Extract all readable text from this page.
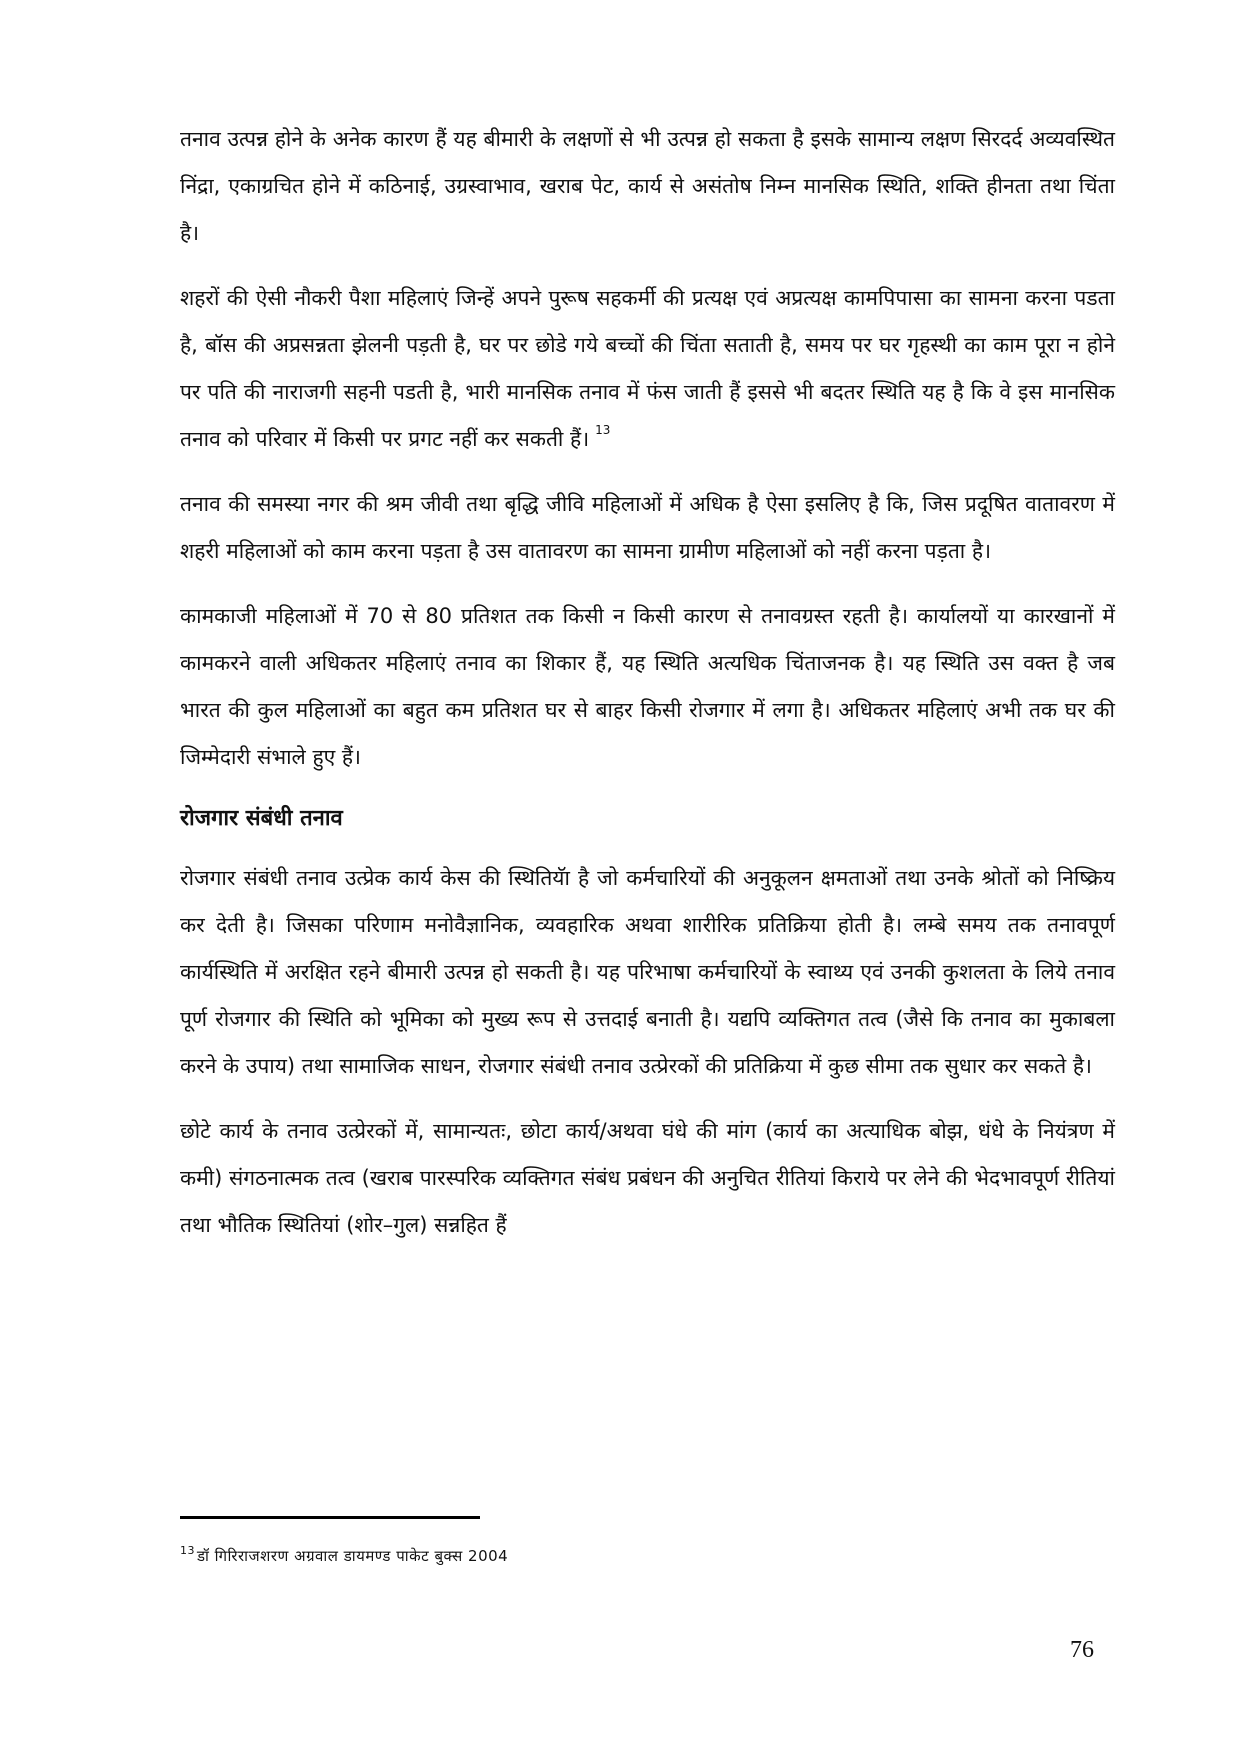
तनाव उत्पन्न होने के अनेक कारण हैं यह बीमारी के लक्षणों से भी उत्पन्न हो सकता है इसके सामान्य लक्षण सिरदर्द अव्यवस्थित निंद्रा, एकाग्रचित होने में कठिनाई, उग्रस्वाभाव, खराब पेट, कार्य से असंतोष निम्न मानसिक स्थिति, शक्ति हीनता तथा चिंता है।

शहरों की ऐसी नौकरी पैशा महिलाएं जिन्हें अपने पुरूष सहकर्मी की प्रत्यक्ष एवं अप्रत्यक्ष कामपिपासा का सामना करना पडता है, बॉस की अप्रसन्नता झेलनी पड़ती है, घर पर छोडे गये बच्चों की चिंता सताती है, समय पर घर गृहस्थी का काम पूरा न होने पर पति की नाराजगी सहनी पडती है, भारी मानसिक तनाव में फंस जाती हैं इससे भी बदतर स्थिति यह है कि वे इस मानसिक तनाव को परिवार में किसी पर प्रगट नहीं कर सकती हैं। $^{13}$

तनाव की समस्या नगर की श्रम जीवी तथा बृद्धि जीवि महिलाओं में अधिक है ऐसा इसलिए है कि, जिस प्रदूषित वातावरण में शहरी महिलाओं को काम करना पड़ता है उस वातावरण का सामना ग्रामीण महिलाओं को नहीं करना पड़ता है।

कामकाजी महिलाओं में 70 से 80 प्रतिशत तक किसी न किसी कारण से तनावग्रस्त रहती है। कार्यालयों या कारखानों में कामकरने वाली अधिकतर महिलाएं तनाव का शिकार हैं, यह स्थिति अत्यधिक चिंताजनक है। यह स्थिति उस वक्त है जब भारत की कुल महिलाओं का बहुत कम प्रतिशत घर से बाहर किसी रोजगार में लगा है। अधिकतर महिलाएं अभी तक घर की जिम्मेदारी संभाले हुए हैं।

रोजगार संबंधी तनाव

रोजगार संबंधी तनाव उत्प्रेक कार्य केस की स्थितियॅा है जो कर्मचारियों की अनुकूलन क्षमताओं तथा उनके श्रोतों को निष्क्रिय कर देती है। जिसका परिणाम मनोवैज्ञानिक, व्यवहारिक अथवा शारीरिक प्रतिक्रिया होती है। लम्बे समय तक तनावपूर्ण कार्यस्थिति में अरक्षित रहने बीमारी उत्पन्न हो सकती है। यह परिभाषा कर्मचारियों के स्वाथ्य एवं उनकी कुशलता के लिये तनाव पूर्ण रोजगार की स्थिति को भूमिका को मुख्य रूप से उत्तदाई बनाती है। यद्यपि व्यक्तिगत तत्व (जैसे कि तनाव का मुकाबला करने के उपाय) तथा सामाजिक साधन, रोजगार संबंधी तनाव उत्प्रेरकों की प्रतिक्रिया में कुछ सीमा तक सुधार कर सकते है।

छोटे कार्य के तनाव उत्प्रेरकों में, सामान्यतः, छोटा कार्य/अथवा घंधे की मांग (कार्य का अत्याधिक बोझ, धंधे के नियंत्रण में कमी) संगठनात्मक तत्व (खराब पारस्परिक व्यक्तिगत संबंध प्रबंधन की अनुचित रीतियां किराये पर लेने की भेदभावपूर्ण रीतियां तथा भौतिक स्थितियां (शोर–गुल) सन्नहित हैं

$^{13}$ डॉ गिरिराजशरण अग्रवाल डायमण्ड पाकेट बुक्स 2004
76
